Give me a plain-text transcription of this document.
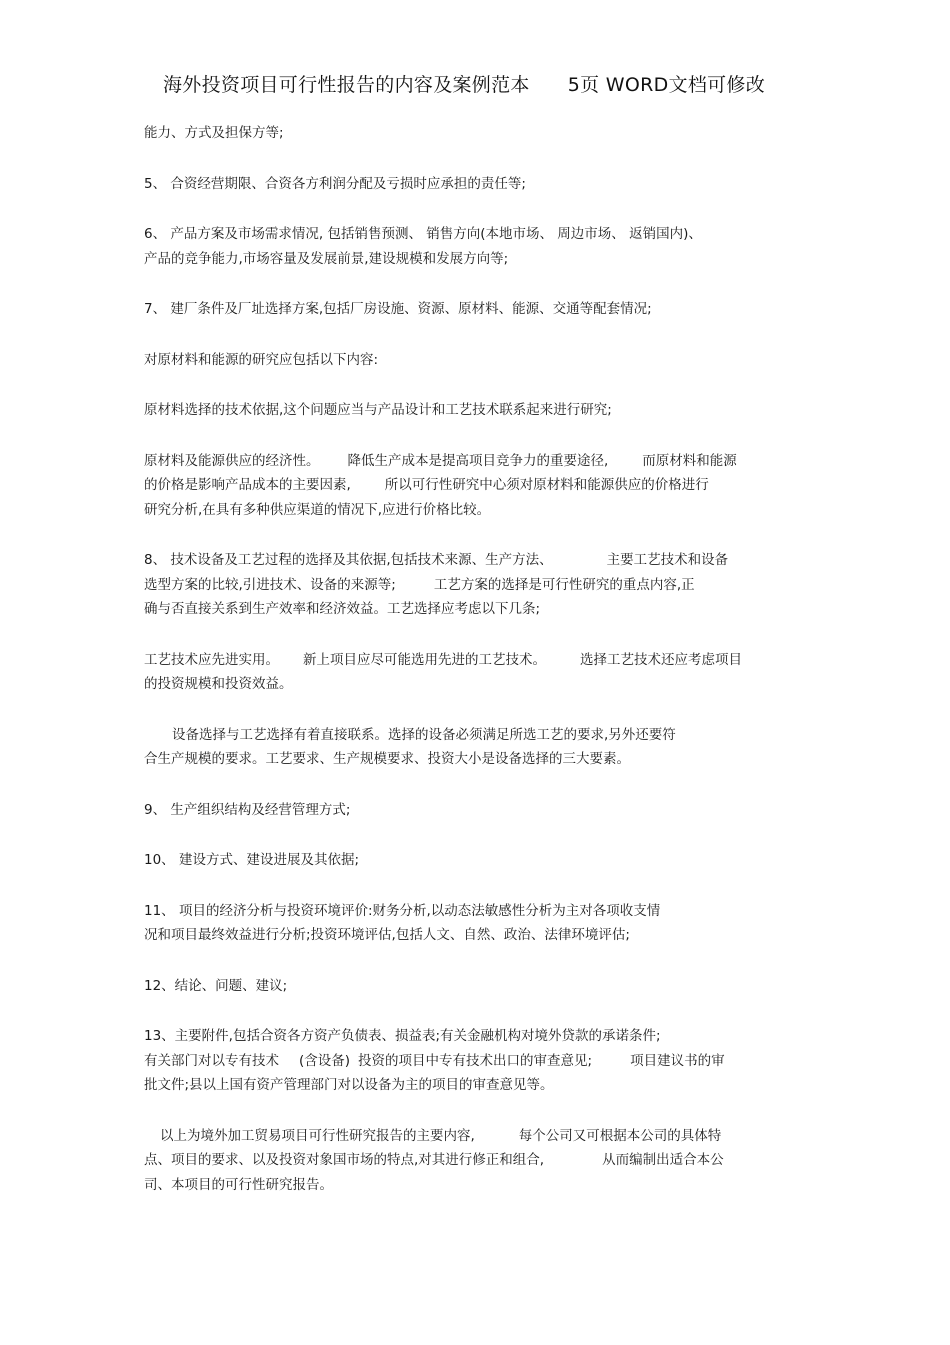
海外投资项目可行性报告的内容及案例范本 5页 WORD文档可修改

能力、方式及担保方等;

5、 合资经营期限、合资各方利润分配及亏损时应承担的责任等;

6、 产品方案及市场需求情况, 包括销售预测、 销售方向(本地市场、 周边市场、 返销国内)、
产品的竞争能力,市场容量及发展前景,建设规模和发展方向等;

7、 建厂条件及厂址选择方案,包括厂房设施、资源、原材料、能源、交通等配套情况;

对原材料和能源的研究应包括以下内容:

原材料选择的技术依据,这个问题应当与产品设计和工艺技术联系起来进行研究;

原材料及能源供应的经济性。 降低生产成本是提高项目竞争力的重要途径,	而原材料和能源
的价格是影响产品成本的主要因素,	所以可行性研究中心须对原材料和能源供应的价格进行
研究分析,在具有多种供应渠道的情况下,应进行价格比较。

8、 技术设备及工艺过程的选择及其依据,包括技术来源、生产方法、	主要工艺技术和设备
选型方案的比较,引进技术、设备的来源等;	工艺方案的选择是可行性研究的重点内容,正
确与否直接关系到生产效率和经济效益。工艺选择应考虑以下几条;

工艺技术应先进实用。 新上项目应尽可能选用先进的工艺技术。	选择工艺技术还应考虑项目
的投资规模和投资效益。

设备选择与工艺选择有着直接联系。选择的设备必须满足所选工艺的要求,另外还要符
合生产规模的要求。工艺要求、生产规模要求、投资大小是设备选择的三大要素。

9、 生产组织结构及经营管理方式;

10、 建设方式、建设进展及其依据;

11、 项目的经济分析与投资环境评价:财务分析,以动态法敏感性分析为主对各项收支情
况和项目最终效益进行分析;投资环境评估,包括人文、自然、政治、法律环境评估;

12、结论、问题、建议;

13、主要附件,包括合资各方资产负债表、损益表;有关金融机构对境外贷款的承诺条件;
有关部门对以专有技术 (含设备) 投资的项目中专有技术出口的审查意见;	项目建议书的审
批文件;县以上国有资产管理部门对以设备为主的项目的审查意见等。

以上为境外加工贸易项目可行性研究报告的主要内容,	每个公司又可根据本公司的具体特
点、项目的要求、以及投资对象国市场的特点,对其进行修正和组合,	从而编制出适合本公
司、本项目的可行性研究报告。
